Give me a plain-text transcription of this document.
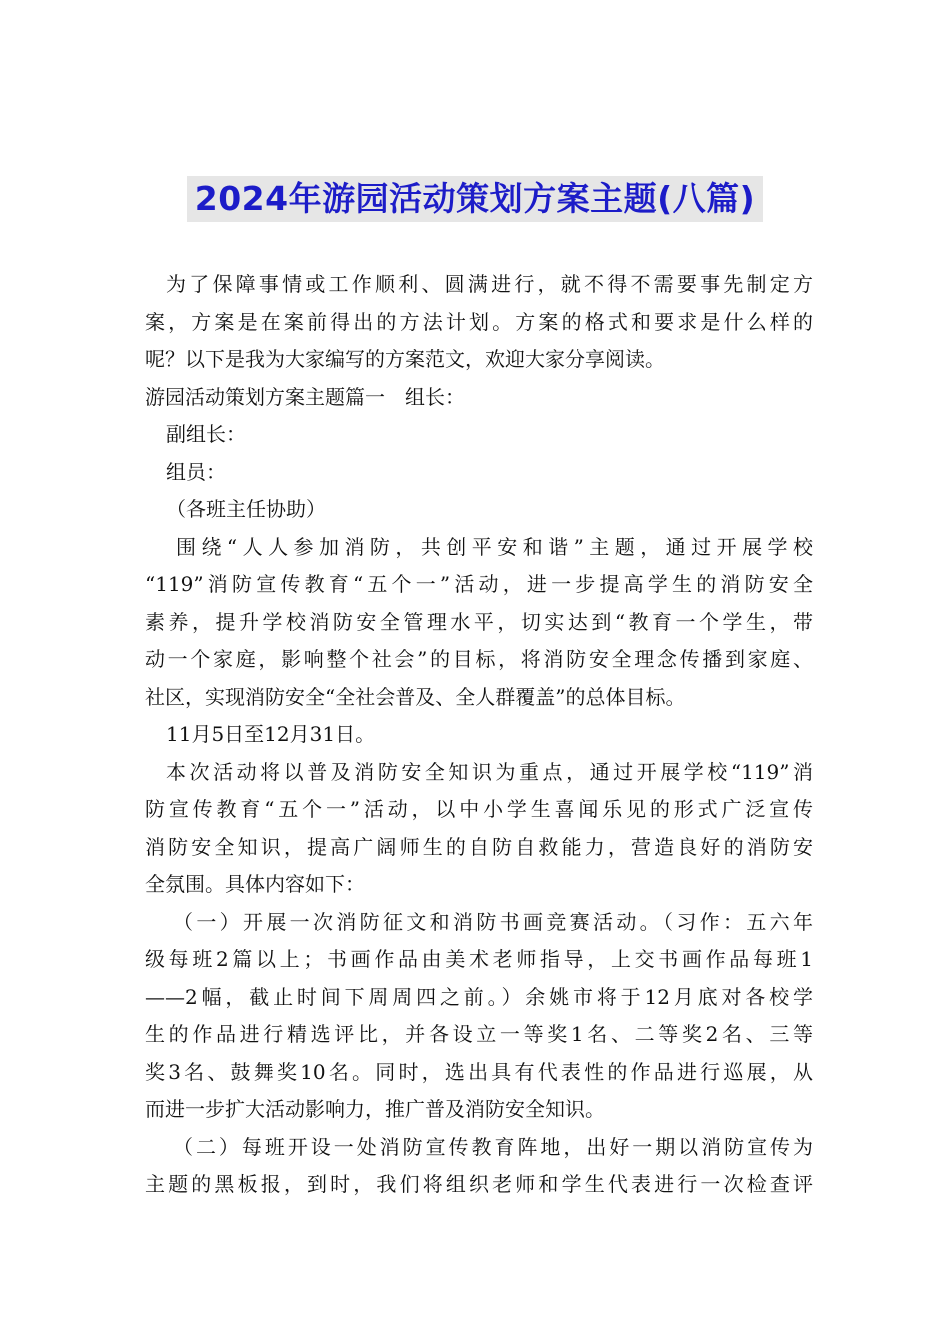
2024年游园活动策划方案主题(八篇)
为了保障事情或工作顺利、圆满进行，就不得不需要事先制定方
案，方案是在案前得出的方法计划。方案的格式和要求是什么样的
呢？以下是我为大家编写的方案范文，欢迎大家分享阅读。
游园活动策划方案主题篇一　组长：
副组长：
组员：
（各班主任协助）
围绕“人人参加消防，共创平安和谐”主题，通过开展学校
“119”消防宣传教育“五个一”活动，进一步提高学生的消防安全
素养，提升学校消防安全管理水平，切实达到“教育一个学生，带
动一个家庭，影响整个社会”的目标，将消防安全理念传播到家庭、
社区，实现消防安全“全社会普及、全人群覆盖”的总体目标。
11月5日至12月31日。
本次活动将以普及消防安全知识为重点，通过开展学校“119”消
防宣传教育“五个一”活动，以中小学生喜闻乐见的形式广泛宣传
消防安全知识，提高广阔师生的自防自救能力，营造良好的消防安
全氛围。具体内容如下：
（一）开展一次消防征文和消防书画竞赛活动。（习作：五六年
级每班2篇以上；书画作品由美术老师指导，上交书画作品每班1
——2幅，截止时间下周周四之前。）余姚市将于12月底对各校学
生的作品进行精选评比，并各设立一等奖1名、二等奖2名、三等
奖3名、鼓舞奖10名。同时，选出具有代表性的作品进行巡展，从
而进一步扩大活动影响力，推广普及消防安全知识。
（二）每班开设一处消防宣传教育阵地，出好一期以消防宣传为
主题的黑板报，到时，我们将组织老师和学生代表进行一次检查评
